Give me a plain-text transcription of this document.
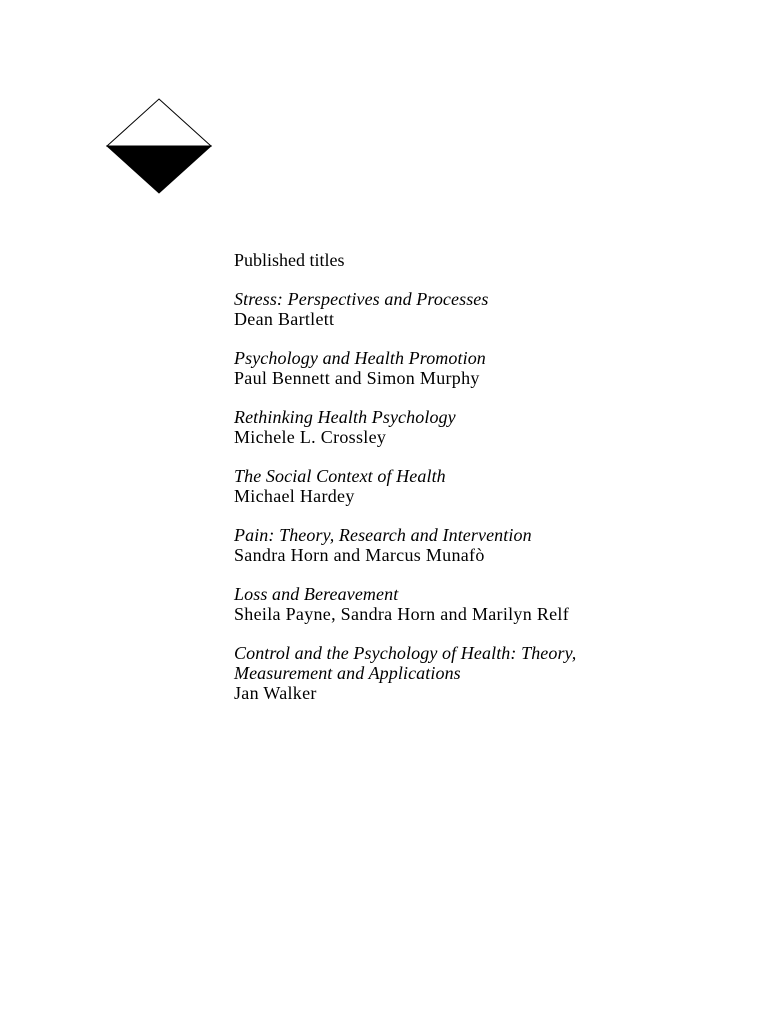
Published titles
Stress: Perspectives and Processes
Dean Bartlett
Psychology and Health Promotion
Paul Bennett and Simon Murphy
Rethinking Health Psychology
Michele L. Crossley
The Social Context of Health
Michael Hardey
Pain: Theory, Research and Intervention
Sandra Horn and Marcus Munafò
Loss and Bereavement
Sheila Payne, Sandra Horn and Marilyn Relf
Control and the Psychology of Health: Theory,
Measurement and Applications
Jan Walker
